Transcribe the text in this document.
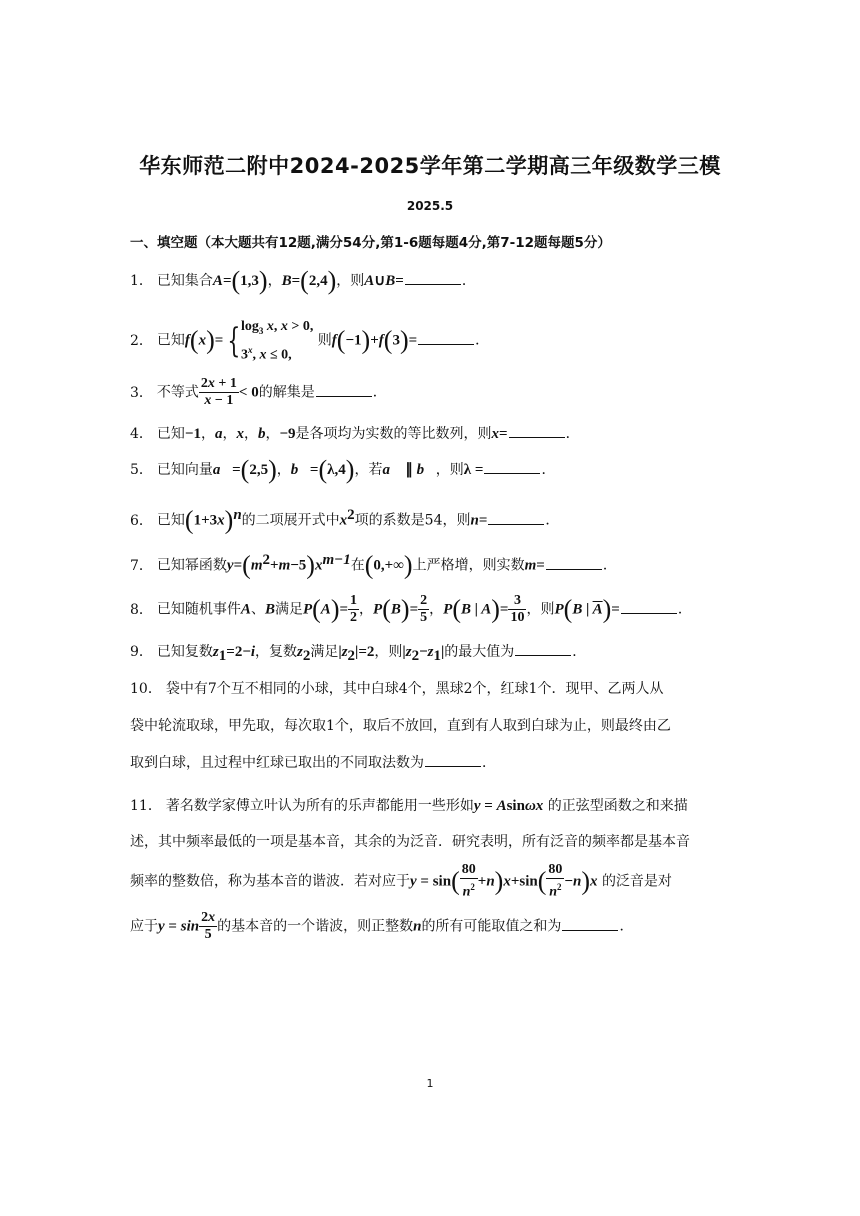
华东师范二附中2024-2025学年第二学期高三年级数学三模
2025.5
一、填空题（本大题共有12题,满分54分,第1-6题每题4分,第7-12题每题5分）
1． 已知集合A=(1,3)，B=(2,4)，则A∪B=	．
2． 已知f(x)= { $\log_3 x$, x > 0,
3$^x$, x ≤ 0,
则f(−1)+f(3)=	．
3． 不等式 $\frac{2x + 1}{x - 1} < 0$的解集是	．
4． 已知−1，a，x，b，−9是各项均为实数的等比数列，则x=	．
5． 已知向量a⃗=(2,5)，b⃗=(λ,4)，若a⃗ ∥ b⃗，则λ =	．
6． 已知$(1+3x)^n$的二项展开式中$x^2$项的系数是54，则n=	．
7． 已知幂函数$y=(m^2+m-5)x^{m-1}$在(0,+∞)上严格增，则实数m=	．
8． 已知随机事件A、B满足$P(A)= \frac{1}{2}$ ，$P(B)= \frac{2}{5}$ ，P(B | $A)= \frac{3}{10}$ ，则P(B | $\overline{A})=$	．
9． 已知复数$z_1=2-i$，复数$z_2$满足$|z_2|=2$，则$|z_2-z_1|$的最大值为	．
10． 袋中有7个互不相同的小球，其中白球4个，黑球2个，红球1个．现甲、乙两人从
袋中轮流取球，甲先取，每次取1个，取后不放回，直到有人取到白球为止，则最终由乙
取到白球，且过程中红球已取出的不同取法数为	．
11． 著名数学家傅立叶认为所有的乐声都能用一些形如y = Asinωx 的正弦型函数之和来描
述，其中频率最低的一项是基本音，其余的为泛音．研究表明，所有泛音的频率都是基本音
频率的整数倍，称为基本音的谐波．若对应于$y = \sin( \frac{80}{n^2} +n)x+\sin( \frac{80}{n^2} -n)x$ 的泛音是对
应于$y = \sin \frac{2x}{5}$ 的基本音的一个谐波，则正整数n的所有可能取值之和为	．
1
